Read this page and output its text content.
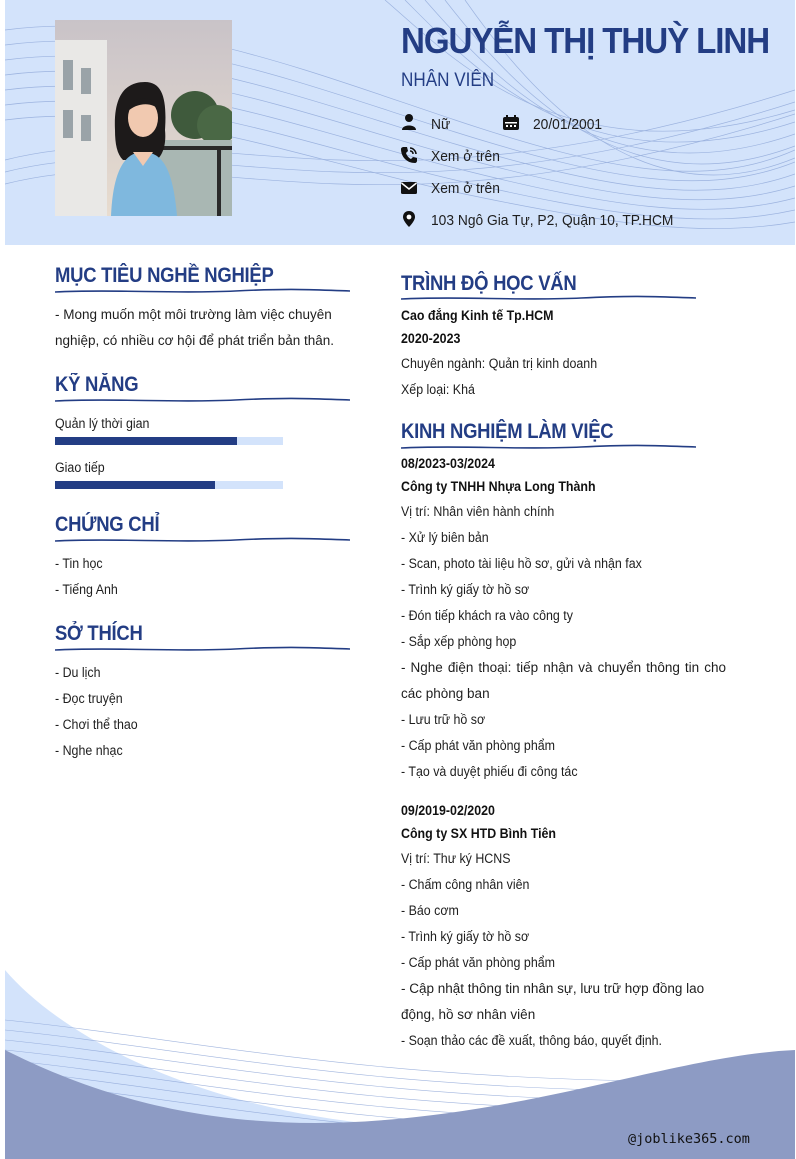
NGUYỄN THỊ THUỲ LINH
NHÂN VIÊN
Nữ	20/01/2001
Xem ở trên
Xem ở trên
103 Ngô Gia Tự, P2, Quận 10, TP.HCM
MỤC TIÊU NGHỀ NGHIỆP
- Mong muốn một môi trường làm việc chuyên nghiệp, có nhiều cơ hội để phát triển bản thân.
KỸ NĂNG
Quản lý thời gian
Giao tiếp
CHỨNG CHỈ
- Tin học
- Tiếng Anh
SỞ THÍCH
- Du lịch
- Đọc truyện
- Chơi thể thao
- Nghe nhạc
TRÌNH ĐỘ HỌC VẤN
Cao đẳng Kinh tế Tp.HCM
2020-2023
Chuyên ngành: Quản trị kinh doanh
Xếp loại: Khá
KINH NGHIỆM LÀM VIỆC
08/2023-03/2024
Công ty TNHH Nhựa Long Thành
Vị trí: Nhân viên hành chính
- Xử lý biên bản
- Scan, photo tài liệu hồ sơ, gửi và nhận fax
- Trình ký giấy tờ hồ sơ
- Đón tiếp khách ra vào công ty
- Sắp xếp phòng họp
- Nghe điện thoại: tiếp nhận và chuyển thông tin cho các phòng ban
- Lưu trữ hồ sơ
- Cấp phát văn phòng phẩm
- Tạo và duyệt phiếu đi công tác
09/2019-02/2020
Công ty SX HTD Bình Tiên
Vị trí: Thư ký HCNS
- Chấm công nhân viên
- Báo cơm
- Trình ký giấy tờ hồ sơ
- Cấp phát văn phòng phẩm
- Cập nhật thông tin nhân sự, lưu trữ hợp đồng lao động, hồ sơ nhân viên
- Soạn thảo các đề xuất, thông báo, quyết định.
@joblike365.com
